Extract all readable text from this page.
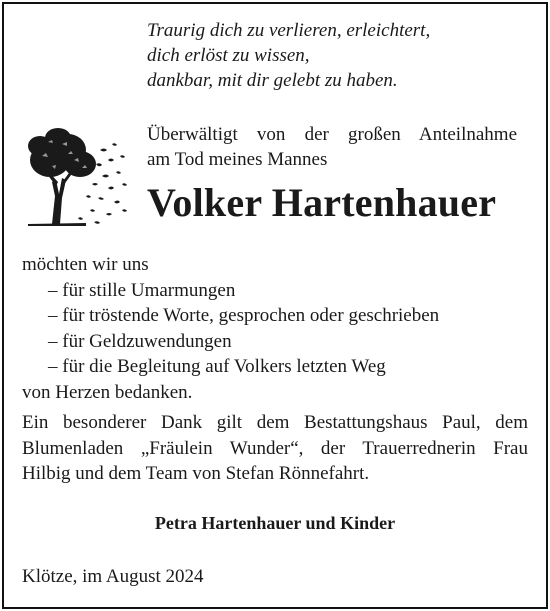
Traurig dich zu verlieren, erleichtert,
dich erlöst zu wissen,
dankbar, mit dir gelebt zu haben.
Überwältigt von der großen Anteilnahme
am Tod meines Mannes
Volker Hartenhauer
möchten wir uns
– für stille Umarmungen
– für tröstende Worte, gesprochen oder geschrieben
– für Geldzuwendungen
– für die Begleitung auf Volkers letzten Weg
von Herzen bedanken.
Ein besonderer Dank gilt dem Bestattungshaus Paul, dem
Blumenladen „Fräulein Wunder“, der Trauerrednerin Frau
Hilbig und dem Team von Stefan Rönnefahrt.
Petra Hartenhauer und Kinder
Klötze, im August 2024
